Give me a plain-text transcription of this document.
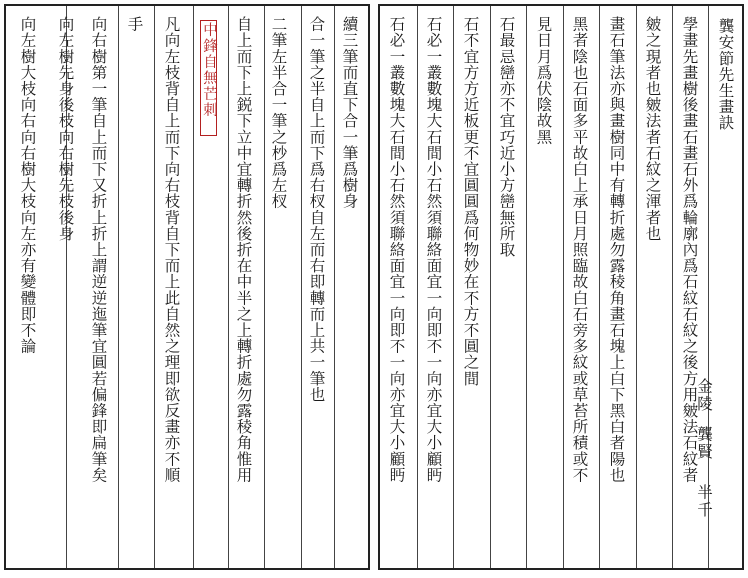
續三筆而直下合一筆爲樹身
合一筆之半自上而下爲右杈自左而右即轉而上共一筆也
二筆左半合一筆之杪爲左杈
自上而下上鋭下立中宜轉折然後折在中半之上轉折處勿露稜角惟用
凡向左枝背自上而下向右枝背自下而上此自然之理即欲反畫亦不順
手
向右樹第一筆自上而下又折上折上謂逆逆迤筆宜圓若偏鋒即扁筆矣
向左樹先身後枝向右樹先枝後身
向左樹大枝向右向右樹大枝向左亦有變體即不論	中鋒自無芒刺	龔安節先生畫訣
學畫先畫樹後畫石畫石外爲輪廓內爲石紋石紋之後方用皴法石紋者
皴之現者也皴法者石紋之渾者也
畫石筆法亦與畫樹同中有轉折處勿露稜角畫石塊上白下黑白者陽也
黑者陰也石面多平故白上承日月照臨故白石旁多紋或草苔所積或不
見日月爲伏陰故黑
石最忌巒亦不宜巧近小方巒無所取
石不宜方方近板更不宜圓圓爲何物妙在不方不圓之間
石必一叢數塊大石間小石然須聯絡面宜一向即不一向亦宜大小顧眄
石必一叢數塊大石間小石然須聯絡面宜一向即不一向亦宜大小顧眄	金陵
龔賢
半千
